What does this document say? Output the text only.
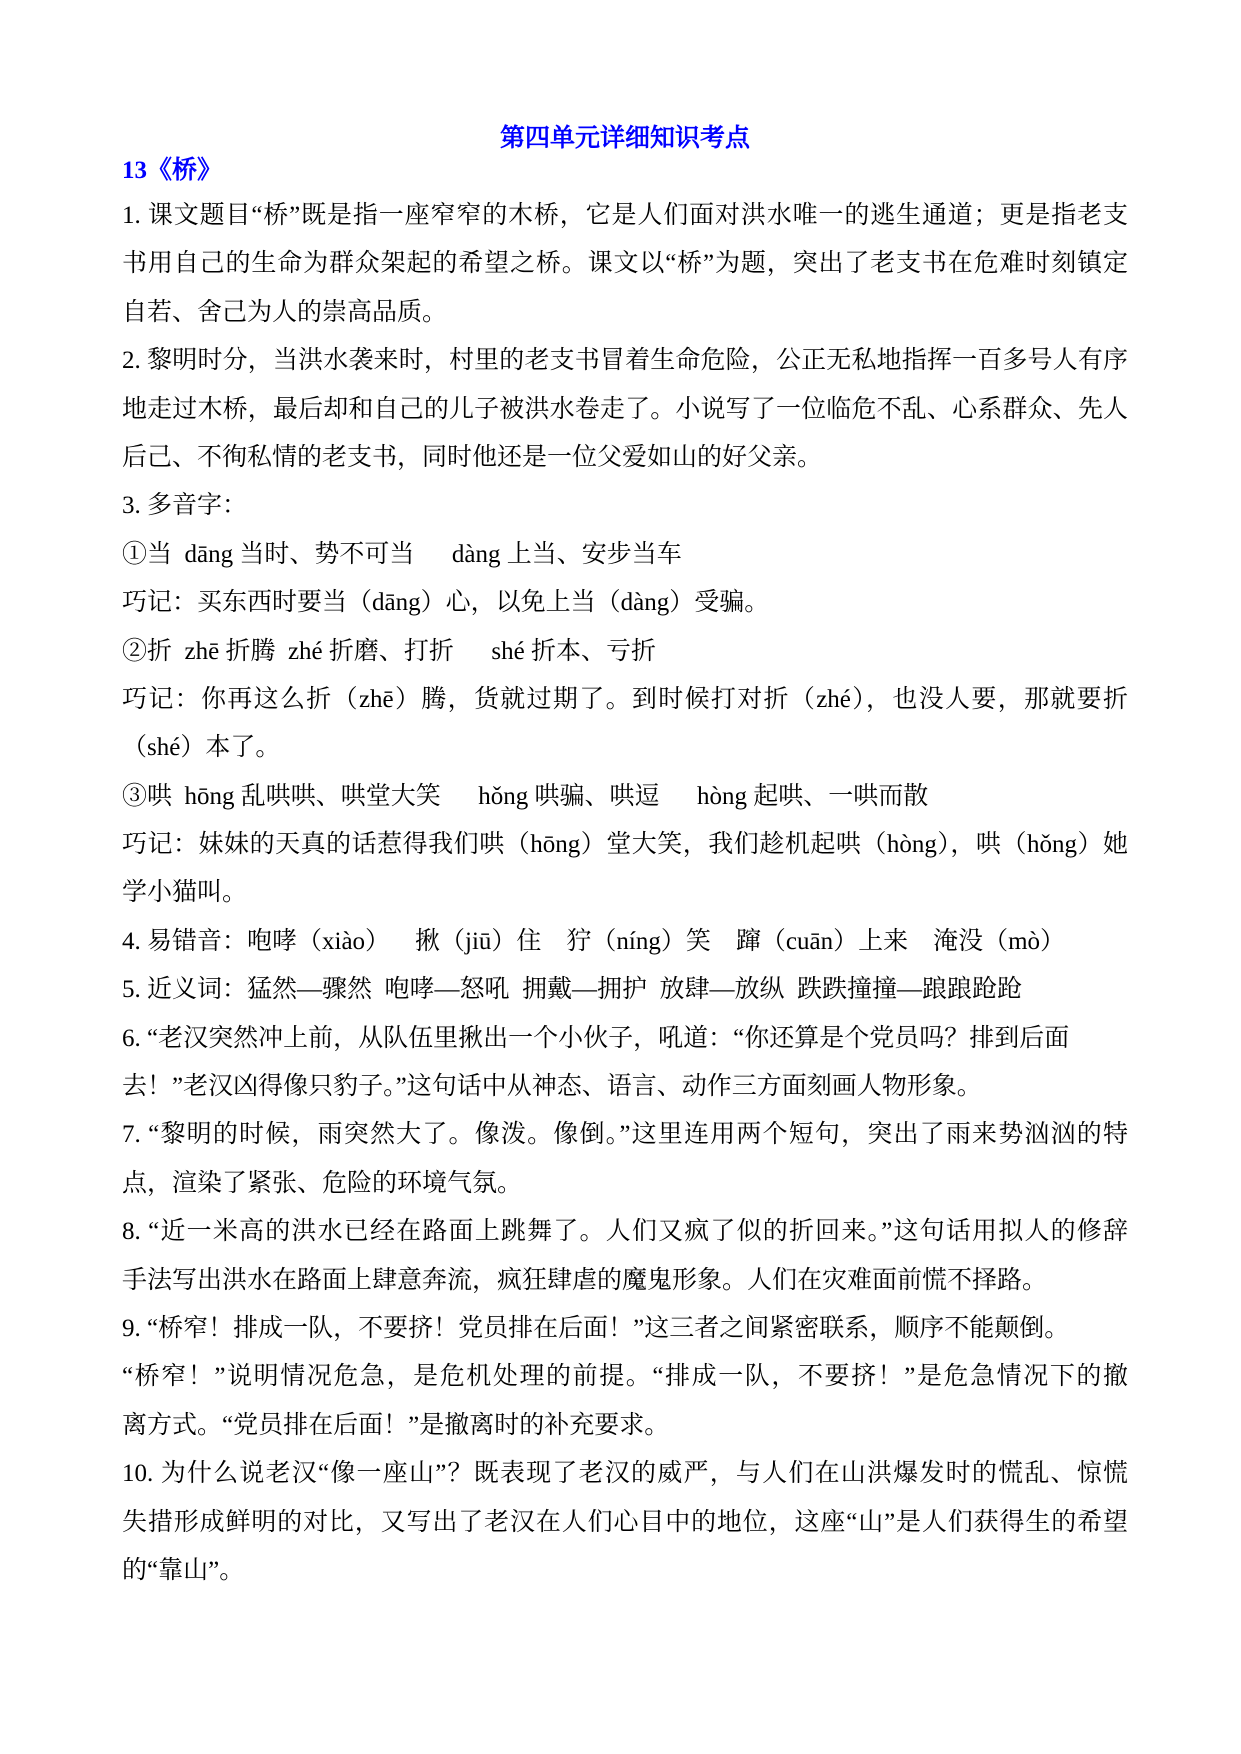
第四单元详细知识考点
13《桥》
1. 课文题目“桥”既是指一座窄窄的木桥，它是人们面对洪水唯一的逃生通道；更是指老支
书用自己的生命为群众架起的希望之桥。课文以“桥”为题，突出了老支书在危难时刻镇定
自若、舍己为人的崇高品质。
2. 黎明时分，当洪水袭来时，村里的老支书冒着生命危险，公正无私地指挥一百多号人有序
地走过木桥，最后却和自己的儿子被洪水卷走了。小说写了一位临危不乱、心系群众、先人
后己、不徇私情的老支书，同时他还是一位父爱如山的好父亲。
3. 多音字：
①当  dāng 当时、势不可当      dàng 上当、安步当车
巧记：买东西时要当（dāng）心，以免上当（dàng）受骗。
②折  zhē 折腾  zhé 折磨、打折      shé 折本、亏折
巧记：你再这么折（zhē）腾，货就过期了。到时候打对折（zhé），也没人要，那就要折
（shé）本了。
③哄  hōng 乱哄哄、哄堂大笑      hǒng 哄骗、哄逗      hòng 起哄、一哄而散
巧记：妹妹的天真的话惹得我们哄（hōng）堂大笑，我们趁机起哄（hòng），哄（hǒng）她
学小猫叫。
4. 易错音：咆哮（xiào）    揪（jiū）住    狞（níng）笑    蹿（cuān）上来    淹没（mò）
5. 近义词：猛然—骤然  咆哮—怒吼  拥戴—拥护  放肆—放纵  跌跌撞撞—踉踉跄跄
6. “老汉突然冲上前，从队伍里揪出一个小伙子，吼道：“你还算是个党员吗？排到后面
去！”老汉凶得像只豹子。”这句话中从神态、语言、动作三方面刻画人物形象。
7. “黎明的时候，雨突然大了。像泼。像倒。”这里连用两个短句，突出了雨来势汹汹的特
点，渲染了紧张、危险的环境气氛。
8. “近一米高的洪水已经在路面上跳舞了。人们又疯了似的折回来。”这句话用拟人的修辞
手法写出洪水在路面上肆意奔流，疯狂肆虐的魔鬼形象。人们在灾难面前慌不择路。
9. “桥窄！排成一队，不要挤！党员排在后面！”这三者之间紧密联系，顺序不能颠倒。
“桥窄！”说明情况危急，是危机处理的前提。“排成一队，不要挤！”是危急情况下的撤
离方式。“党员排在后面！”是撤离时的补充要求。
10. 为什么说老汉“像一座山”？既表现了老汉的威严，与人们在山洪爆发时的慌乱、惊慌
失措形成鲜明的对比，又写出了老汉在人们心目中的地位，这座“山”是人们获得生的希望
的“靠山”。
